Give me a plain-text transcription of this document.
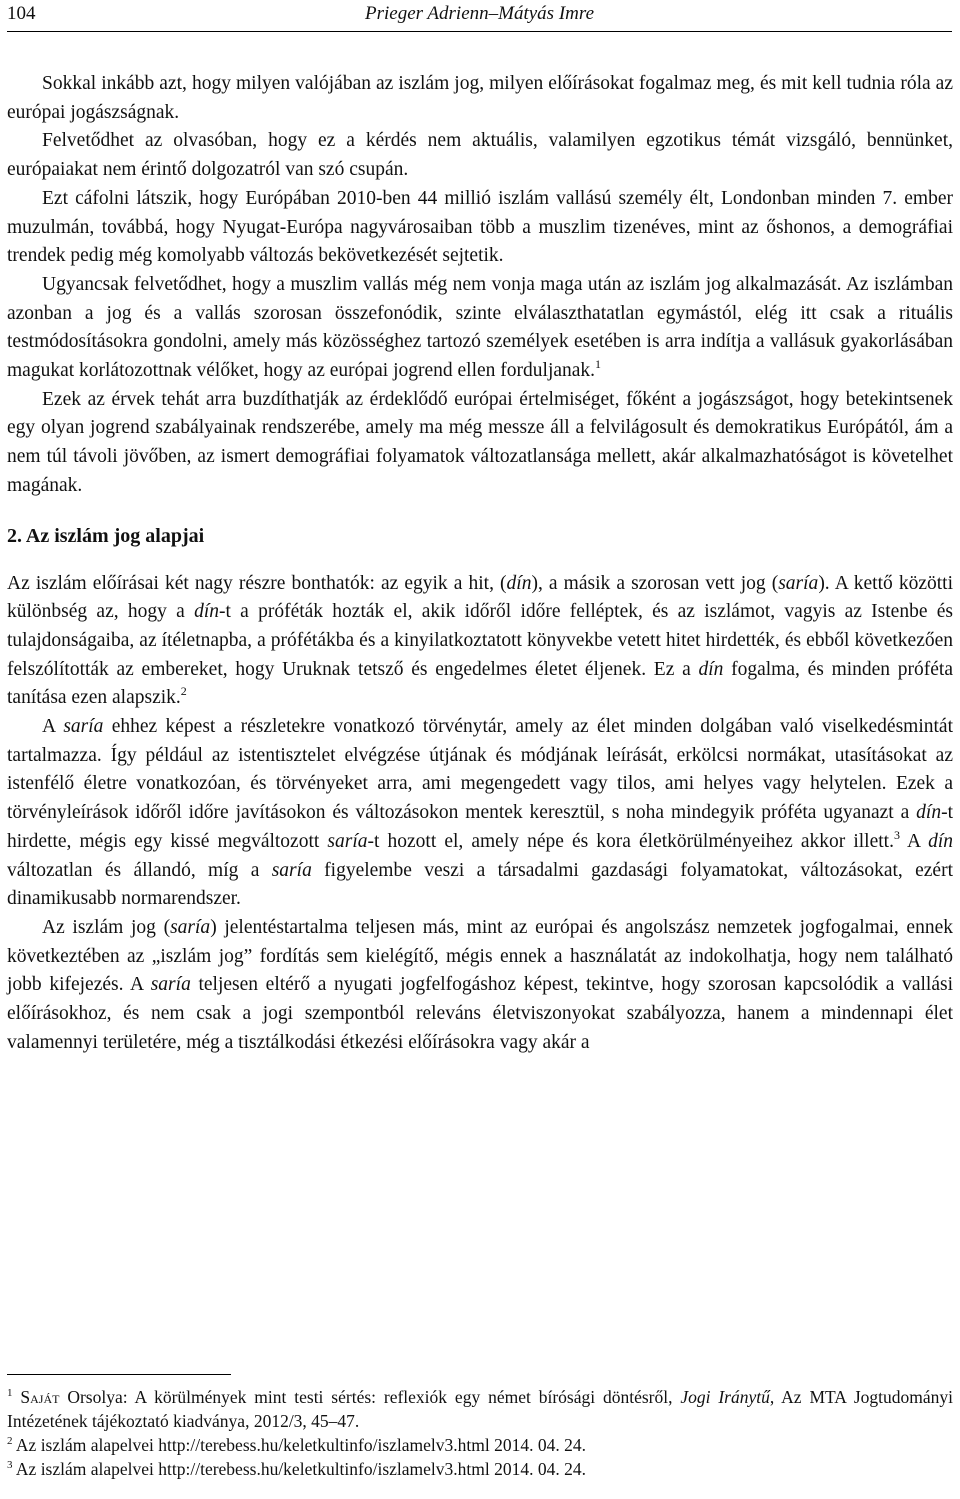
104	Prieger Adrienn–Mátyás Imre

Sokkal inkább azt, hogy milyen valójában az iszlám jog, milyen előírásokat fogalmaz meg, és mit kell tudnia róla az európai jogászságnak.

Felvetődhet az olvasóban, hogy ez a kérdés nem aktuális, valamilyen egzotikus témát vizsgáló, bennünket, európaiakat nem érintő dolgozatról van szó csupán.

Ezt cáfolni látszik, hogy Európában 2010-ben 44 millió iszlám vallású személy élt, Londonban minden 7. ember muzulmán, továbbá, hogy Nyugat-Európa nagyvárosaiban több a muszlim tizenéves, mint az őshonos, a demográfiai trendek pedig még komolyabb változás bekövetkezését sejtetik.

Ugyancsak felvetődhet, hogy a muszlim vallás még nem vonja maga után az iszlám jog alkalmazását. Az iszlámban azonban a jog és a vallás szorosan összefonódik, szinte elválaszthatatlan egymástól, elég itt csak a rituális testmódosításokra gondolni, amely más közösséghez tartozó személyek esetében is arra indítja a vallásuk gyakorlásában magukat korlátozottnak vélőket, hogy az európai jogrend ellen forduljanak.$^1$

Ezek az érvek tehát arra buzdíthatják az érdeklődő európai értelmiséget, főként a jogászságot, hogy betekintsenek egy olyan jogrend szabályainak rendszerébe, amely ma még messze áll a felvilágosult és demokratikus Európától, ám a nem túl távoli jövőben, az ismert demográfiai folyamatok változatlansága mellett, akár alkalmazhatóságot is követelhet magának.

2. Az iszlám jog alapjai

Az iszlám előírásai két nagy részre bonthatók: az egyik a hit, (dín), a másik a szorosan vett jog (saría). A kettő közötti különbség az, hogy a dín-t a próféták hozták el, akik időről időre felléptek, és az iszlámot, vagyis az Istenbe és tulajdonságaiba, az ítéletnapba, a prófétákba és a kinyilatkoztatott könyvekbe vetett hitet hirdették, és ebből következően felszólították az embereket, hogy Uruknak tetsző és engedelmes életet éljenek. Ez a dín fogalma, és minden próféta tanítása ezen alapszik.$^2$

A saría ehhez képest a részletekre vonatkozó törvénytár, amely az élet minden dolgában való viselkedésmintát tartalmazza. Így például az istentisztelet elvégzése útjának és módjának leírását, erkölcsi normákat, utasításokat az istenfélő életre vonatkozóan, és törvényeket arra, ami megengedett vagy tilos, ami helyes vagy helytelen. Ezek a törvényleírások időről időre javításokon és változásokon mentek keresztül, s noha mindegyik próféta ugyanazt a dín-t hirdette, mégis egy kissé megváltozott saría-t hozott el, amely népe és kora életkörülményeihez akkor illett.$^3$ A dín változatlan és állandó, míg a saría figyelembe veszi a társadalmi gazdasági folyamatokat, változásokat, ezért dinamikusabb normarendszer.

Az iszlám jog (saría) jelentéstartalma teljesen más, mint az európai és angolszász nemzetek jogfogalmai, ennek következtében az „iszlám jog” fordítás sem kielégítő, mégis ennek a használatát az indokolhatja, hogy nem található jobb kifejezés. A saría teljesen eltérő a nyugati jogfelfogáshoz képest, tekintve, hogy szorosan kapcsolódik a vallási előírásokhoz, és nem csak a jogi szempontból releváns életviszonyokat szabályozza, hanem a mindennapi élet valamennyi területére, még a tisztálkodási étkezési előírásokra vagy akár a

$^1$ Saját Orsolya: A körülmények mint testi sértés: reflexiók egy német bírósági döntésről, Jogi Iránytű, Az MTA Jogtudományi Intézetének tájékoztató kiadványa, 2012/3, 45–47.
$^2$ Az iszlám alapelvei http://terebess.hu/keletkultinfo/iszlamelv3.html 2014. 04. 24.
$^3$ Az iszlám alapelvei http://terebess.hu/keletkultinfo/iszlamelv3.html 2014. 04. 24.
